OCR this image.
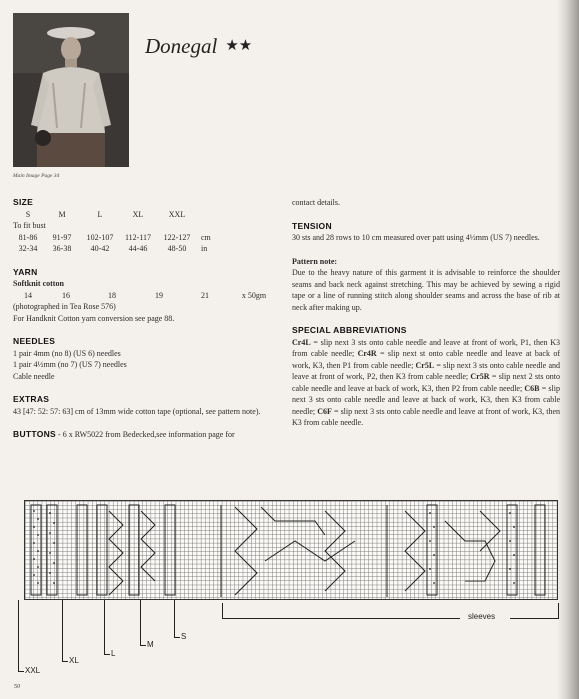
Main Image Page 34
Donegal ★★
SIZE
S	M	L	XL	XXL
To fit bust
81-86	91-97	102-107	112-117	122-127	cm
32-34	36-38	40-42	44-46	48-50	in
YARN
Softknit cotton
14	16	18	19	21	x 50gm
(photographed in Tea Rose 576)
For Handknit Cotton yarn conversion see page 88.
NEEDLES
1 pair 4mm (no 8) (US 6) needles
1 pair 4½mm (no 7) (US 7) needles
Cable needle
EXTRAS

43 [47: 52: 57: 63] cm of 13mm wide cotton tape (optional, see pattern note).

BUTTONS - 6 x RW5022 from Bedecked,see information page for

contact details.
TENSION

30 sts and 28 rows to 10 cm measured over patt using 4½mm (US 7) needles.

Pattern note:

Due to the heavy nature of this garment it is advisable to reinforce the shoulder seams and back neck against stretching. This may be achieved by sewing a rigid tape or a line of running stitch along shoulder seams and across the base of rib at neck after making up.

SPECIAL ABBREVIATIONS

Cr4L = slip next 3 sts onto cable needle and leave at front of work, P1, then K3 from cable needle; Cr4R = slip next st onto cable needle and leave at back of work, K3, then P1 from cable needle; Cr5L = slip next 3 sts onto cable needle and leave at front of work, P2, then K3 from cable needle; Cr5R = slip next 2 sts onto cable needle and leave at back of work, K3, then P2 from cable needle; C6B = slip next 3 sts onto cable needle and leave at back of work, K3, then K3 from cable needle; C6F = slip next 3 sts onto cable needle and leave at front of work, K3, then K3 from cable needle.

sleeves
XXL
XL
L
M
S
50
